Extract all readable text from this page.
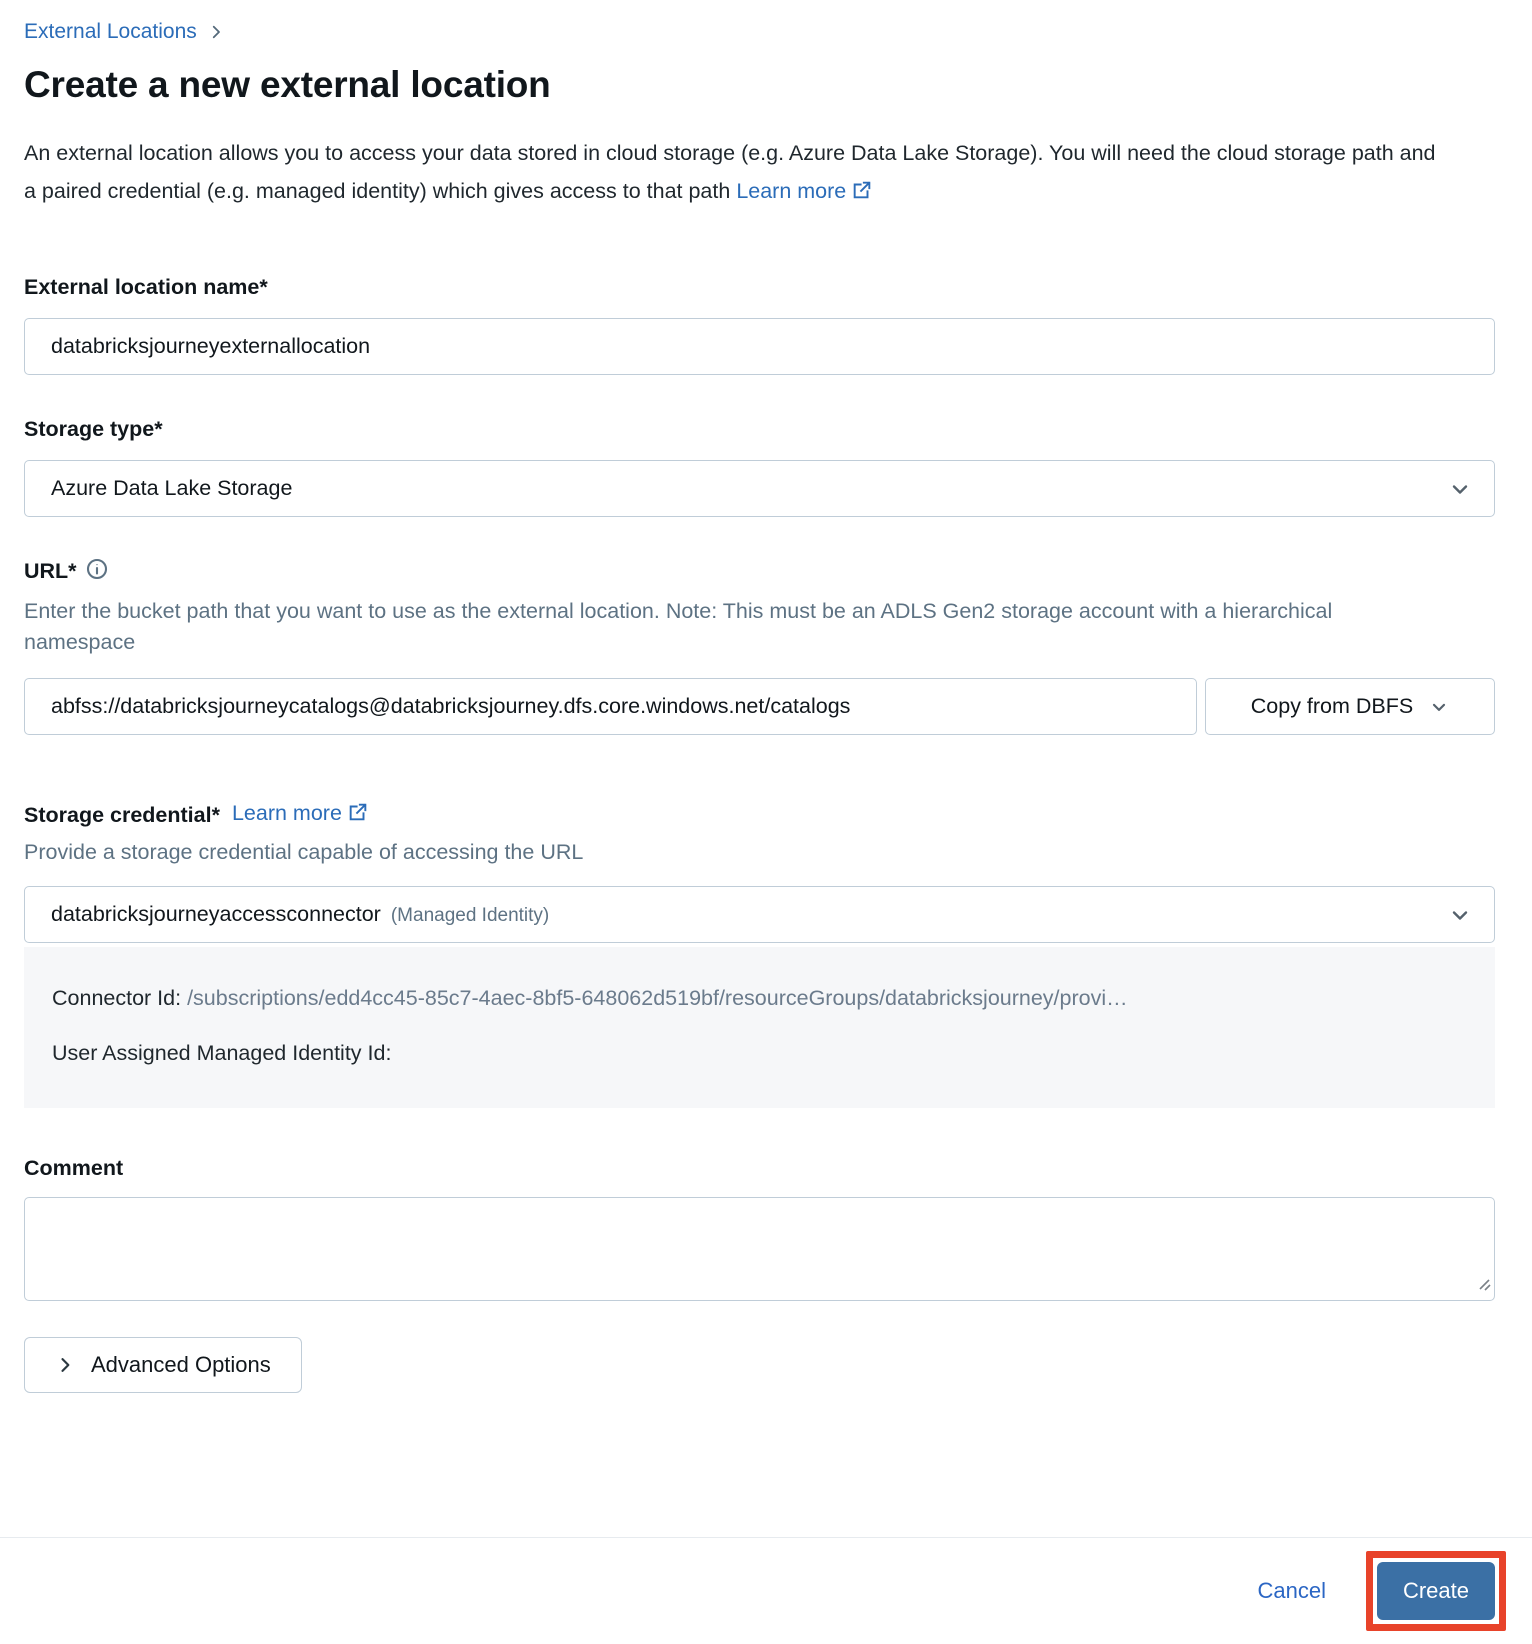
External Locations
Create a new external location

An external location allows you to access your data stored in cloud storage (e.g. Azure Data Lake Storage). You will need the cloud storage path and a paired credential (e.g. managed identity) which gives access to that path Learn more

External location name*
databricksjourneyexternallocation
Storage type*
Azure Data Lake Storage
URL*
Enter the bucket path that you want to use as the external location. Note: This must be an ADLS Gen2 storage account with a hierarchical namespace
abfss://databricksjourneycatalogs@databricksjourney.dfs.core.windows.net/catalogs
Copy from DBFS
Storage credential* Learn more
Provide a storage credential capable of accessing the URL
databricksjourneyaccessconnector (Managed Identity)
Connector Id: /subscriptions/edd4cc45-85c7-4aec-8bf5-648062d519bf/resourceGroups/databricksjourney/provi…
User Assigned Managed Identity Id:
Comment
Advanced Options
Cancel	Create
